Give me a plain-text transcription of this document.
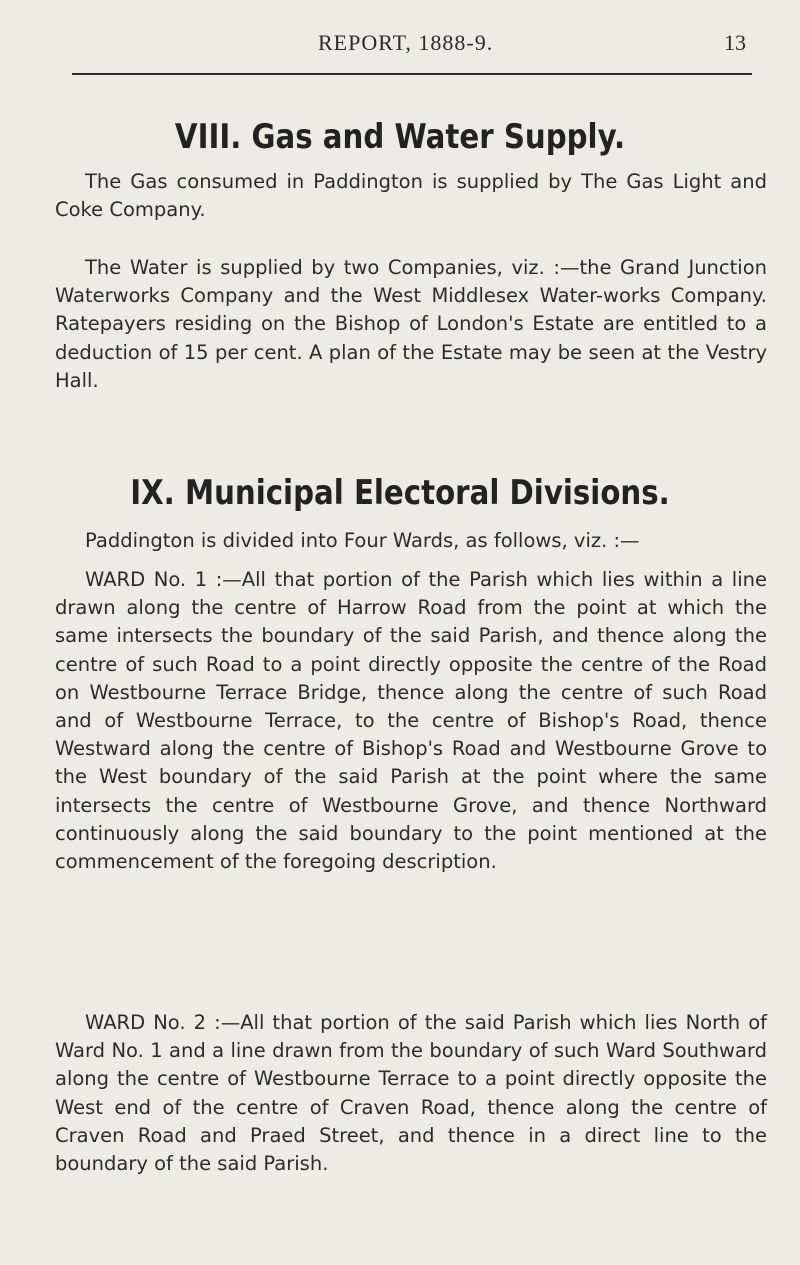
REPORT, 1888-9.	13
VIII. Gas and Water Supply.

The Gas consumed in Paddington is supplied by The Gas Light and Coke Company.

The Water is supplied by two Companies, viz. :—the Grand Junction Waterworks Company and the West Middlesex Water-works Company. Ratepayers residing on the Bishop of London's Estate are entitled to a deduction of 15 per cent. A plan of the Estate may be seen at the Vestry Hall.

IX. Municipal Electoral Divisions.

Paddington is divided into Four Wards, as follows, viz. :—

WARD No. 1 :—All that portion of the Parish which lies within a line drawn along the centre of Harrow Road from the point at which the same intersects the boundary of the said Parish, and thence along the centre of such Road to a point directly opposite the centre of the Road on Westbourne Terrace Bridge, thence along the centre of such Road and of Westbourne Terrace, to the centre of Bishop's Road, thence Westward along the centre of Bishop's Road and Westbourne Grove to the West boundary of the said Parish at the point where the same intersects the centre of Westbourne Grove, and thence Northward continuously along the said boundary to the point mentioned at the commencement of the foregoing description.

WARD No. 2 :—All that portion of the said Parish which lies North of Ward No. 1 and a line drawn from the boundary of such Ward Southward along the centre of Westbourne Terrace to a point directly opposite the West end of the centre of Craven Road, thence along the centre of Craven Road and Praed Street, and thence in a direct line to the boundary of the said Parish.
